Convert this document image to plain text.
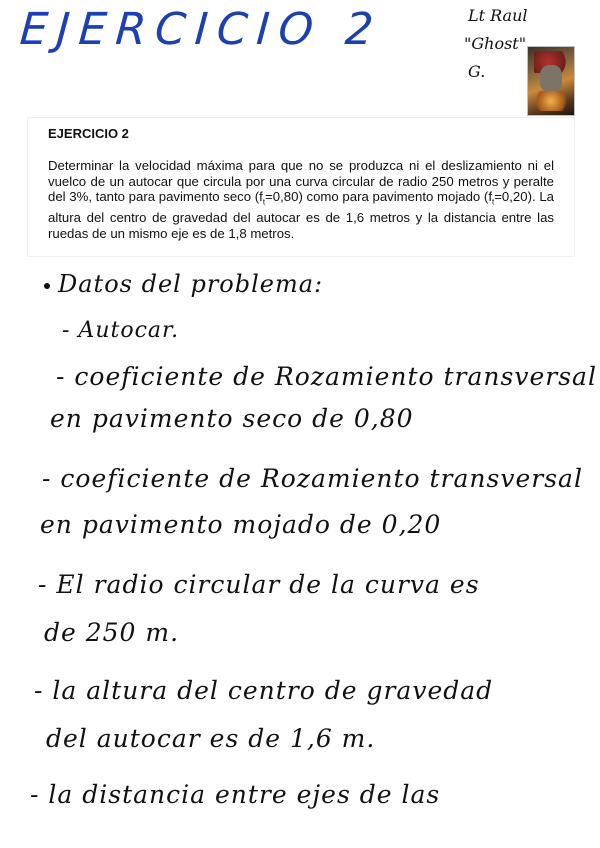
EJERCICIO 2	Lt Raul
"Ghost"
G.
EJERCICIO 2
Determinar la velocidad máxima para que no se produzca ni el deslizamiento ni el vuelco de un autocar que circula por una curva circular de radio 250 metros y peralte del 3%, tanto para pavimento seco $(f_t=0,80)$ como para pavimento mojado $(f_t=0,20)$. La altura del centro de gravedad del autocar es de 1,6 metros y la distancia entre las ruedas de un mismo eje es de 1,8 metros.
Datos del problema:
- Autocar.
- coeficiente de Rozamiento transversal
en pavimento seco de 0,80
- coeficiente de Rozamiento transversal
en pavimento mojado de 0,20
- El radio circular de la curva es
de 250 m.
- la altura del centro de gravedad
del autocar es de 1,6 m.
- la distancia entre ejes de las
